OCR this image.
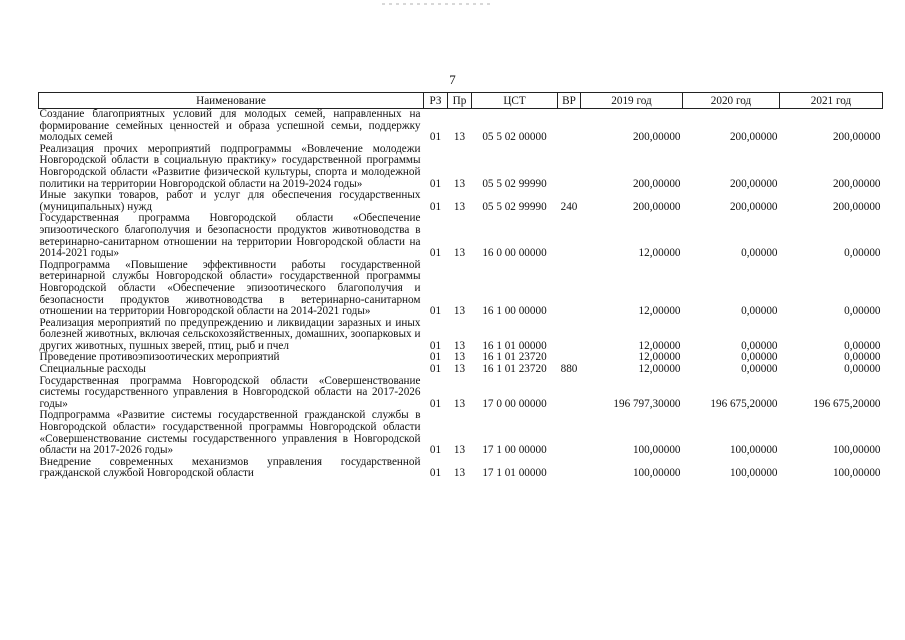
7
Наименование	РЗ	Пр	ЦСТ	ВР	2019 год	2020 год	2021 год
Создание благоприятных условий для молодых семей, направленных на формирование семейных ценностей и образа успешной семьи, поддержку молодых семей	01	13	05 5 02 00000		200,00000	200,00000	200,00000
Реализация прочих мероприятий подпрограммы «Вовлечение молодежи Новгородской области в социальную практику» государственной программы Новгородской области «Развитие физической культуры, спорта и молодежной политики на территории Новгородской области на 2019-2024 годы»	01	13	05 5 02 99990		200,00000	200,00000	200,00000
Иные закупки товаров, работ и услуг для обеспечения государственных (муниципальных) нужд	01	13	05 5 02 99990	240	200,00000	200,00000	200,00000
Государственная программа Новгородской области «Обеспечение эпизоотического благополучия и безопасности продуктов животноводства в ветеринарно-санитарном отношении на территории Новгородской области на 2014-2021 годы»	01	13	16 0 00 00000		12,00000	0,00000	0,00000
Подпрограмма «Повышение эффективности работы государственной ветеринарной службы Новгородской области» государственной программы Новгородской области «Обеспечение эпизоотического благополучия и безопасности продуктов животноводства в ветеринарно-санитарном отношении на территории Новгородской области на 2014-2021 годы»	01	13	16 1 00 00000		12,00000	0,00000	0,00000
Реализация мероприятий по предупреждению и ликвидации заразных и иных болезней животных, включая сельскохозяйственных, домашних, зоопарковых и других животных, пушных зверей, птиц, рыб и пчел	01	13	16 1 01 00000		12,00000	0,00000	0,00000
Проведение противоэпизоотических мероприятий	01	13	16 1 01 23720		12,00000	0,00000	0,00000
Специальные расходы	01	13	16 1 01 23720	880	12,00000	0,00000	0,00000
Государственная программа Новгородской области «Совершенствование системы государственного управления в Новгородской области на 2017-2026 годы»	01	13	17 0 00 00000		196 797,30000	196 675,20000	196 675,20000
Подпрограмма «Развитие системы государственной гражданской службы в Новгородской области» государственной программы Новгородской области «Совершенствование системы государственного управления в Новгородской области на 2017-2026 годы»	01	13	17 1 00 00000		100,00000	100,00000	100,00000
Внедрение современных механизмов управления государственной гражданской службой Новгородской области	01	13	17 1 01 00000		100,00000	100,00000	100,00000
